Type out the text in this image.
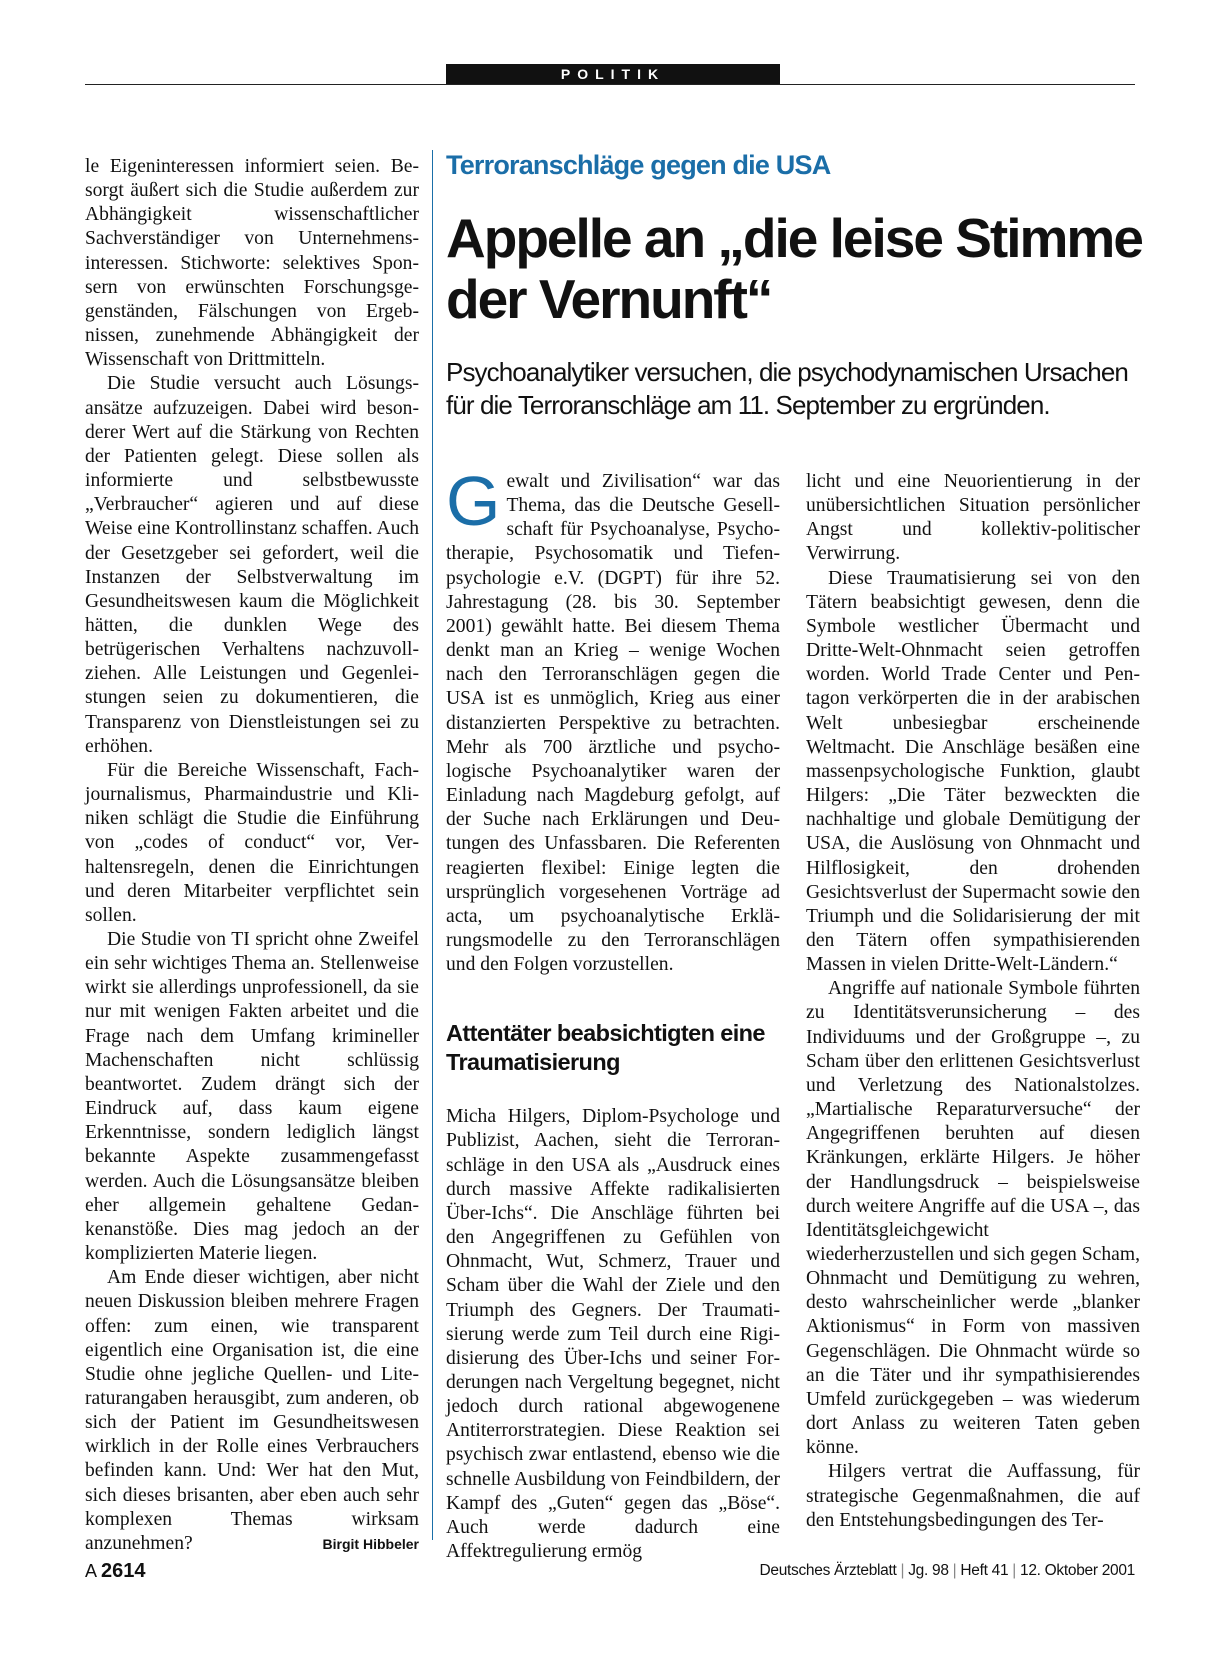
POLITIK

le Eigeninteressen informiert seien. Besorgt äußert sich die Studie außerdem zur Abhängigkeit wissenschaftlicher Sachverständiger von Unternehmensinteressen. Stichworte: selektives Sponsern von erwünschten Forschungsgegenständen, Fälschungen von Ergebnissen, zunehmende Abhängigkeit der Wissenschaft von Drittmitteln.

Die Studie versucht auch Lösungsansätze aufzuzeigen. Dabei wird besonderer Wert auf die Stärkung von Rechten der Patienten gelegt. Diese sollen als informierte und selbstbewusste „Verbraucher“ agieren und auf diese Weise eine Kontrollinstanz schaffen. Auch der Gesetzgeber sei gefordert, weil die Instanzen der Selbstverwaltung im Gesundheitswesen kaum die Möglichkeit hätten, die dunklen Wege des betrügerischen Verhaltens nachzuvollziehen. Alle Leistungen und Gegenleistungen seien zu dokumentieren, die Transparenz von Dienstleistungen sei zu erhöhen.

Für die Bereiche Wissenschaft, Fachjournalismus, Pharmaindustrie und Kliniken schlägt die Studie die Einführung von „codes of conduct“ vor, Verhaltensregeln, denen die Einrichtungen und deren Mitarbeiter verpflichtet sein sollen.

Die Studie von TI spricht ohne Zweifel ein sehr wichtiges Thema an. Stellenweise wirkt sie allerdings unprofessionell, da sie nur mit wenigen Fakten arbeitet und die Frage nach dem Umfang krimineller Machenschaften nicht schlüssig beantwortet. Zudem drängt sich der Eindruck auf, dass kaum eigene Erkenntnisse, sondern lediglich längst bekannte Aspekte zusammengefasst werden. Auch die Lösungsansätze bleiben eher allgemein gehaltene Gedankenanstöße. Dies mag jedoch an der komplizierten Materie liegen.

Am Ende dieser wichtigen, aber nicht neuen Diskussion bleiben mehrere Fragen offen: zum einen, wie transparent eigentlich eine Organisation ist, die eine Studie ohne jegliche Quellen- und Literaturangaben herausgibt, zum anderen, ob sich der Patient im Gesundheitswesen wirklich in der Rolle eines Verbrauchers befinden kann. Und: Wer hat den Mut, sich dieses brisanten, aber eben auch sehr komplexen Themas wirksam anzunehmen?	Birgit Hibbeler

Terroranschläge gegen die USA
Appelle an „die leise Stimme der Vernunft“

Psychoanalytiker versuchen, die psychodynamischen Ursachen für die Terroranschläge am 11. September zu ergründen.

Gewalt und Zivilisation“ war das Thema, das die Deutsche Gesellschaft für Psychoanalyse, Psychotherapie, Psychosomatik und Tiefenpsychologie e.V. (DGPT) für ihre 52. Jahrestagung (28. bis 30. September 2001) gewählt hatte. Bei diesem Thema denkt man an Krieg – wenige Wochen nach den Terroranschlägen gegen die USA ist es unmöglich, Krieg aus einer distanzierten Perspektive zu betrachten. Mehr als 700 ärztliche und psychologische Psychoanalytiker waren der Einladung nach Magdeburg gefolgt, auf der Suche nach Erklärungen und Deutungen des Unfassbaren. Die Referenten reagierten flexibel: Einige legten die ursprünglich vorgesehenen Vorträge ad acta, um psychoanalytische Erklärungsmodelle zu den Terroranschlägen und den Folgen vorzustellen.

Attentäter beabsichtigten eine Traumatisierung

Micha Hilgers, Diplom-Psychologe und Publizist, Aachen, sieht die Terroranschläge in den USA als „Ausdruck eines durch massive Affekte radikalisierten Über-Ichs“. Die Anschläge führten bei den Angegriffenen zu Gefühlen von Ohnmacht, Wut, Schmerz, Trauer und Scham über die Wahl der Ziele und den Triumph des Gegners. Der Traumatisierung werde zum Teil durch eine Rigidisierung des Über-Ichs und seiner Forderungen nach Vergeltung begegnet, nicht jedoch durch rational abgewogenene Antiterrorstrategien. Diese Reaktion sei psychisch zwar entlastend, ebenso wie die schnelle Ausbildung von Feindbildern, der Kampf des „Guten“ gegen das „Böse“. Auch werde dadurch eine Affektregulierung ermög

licht und eine Neuorientierung in der unübersichtlichen Situation persönlicher Angst und kollektiv-politischer Verwirrung.

Diese Traumatisierung sei von den Tätern beabsichtigt gewesen, denn die Symbole westlicher Übermacht und Dritte-Welt-Ohnmacht seien getroffen worden. World Trade Center und Pentagon verkörperten die in der arabischen Welt unbesiegbar erscheinende Weltmacht. Die Anschläge besäßen eine massenpsychologische Funktion, glaubt Hilgers: „Die Täter bezweckten die nachhaltige und globale Demütigung der USA, die Auslösung von Ohnmacht und Hilflosigkeit, den drohenden Gesichtsverlust der Supermacht sowie den Triumph und die Solidarisierung der mit den Tätern offen sympathisierenden Massen in vielen Dritte-Welt-Ländern.“

Angriffe auf nationale Symbole führten zu Identitätsverunsicherung – des Individuums und der Großgruppe –, zu Scham über den erlittenen Gesichtsverlust und Verletzung des Nationalstolzes. „Martialische Reparaturversuche“ der Angegriffenen beruhten auf diesen Kränkungen, erklärte Hilgers. Je höher der Handlungsdruck – beispielsweise durch weitere Angriffe auf die USA –, das Identitätsgleichgewicht wiederherzustellen und sich gegen Scham, Ohnmacht und Demütigung zu wehren, desto wahrscheinlicher werde „blanker Aktionismus“ in Form von massiven Gegenschlägen. Die Ohnmacht würde so an die Täter und ihr sympathisierendes Umfeld zurückgegeben – was wiederum dort Anlass zu weiteren Taten geben könne.

Hilgers vertrat die Auffassung, für strategische Gegenmaßnahmen, die auf den Entstehungsbedingungen des Ter-

A 2614	Deutsches Ärzteblatt | Jg. 98 | Heft 41 | 12. Oktober 2001
